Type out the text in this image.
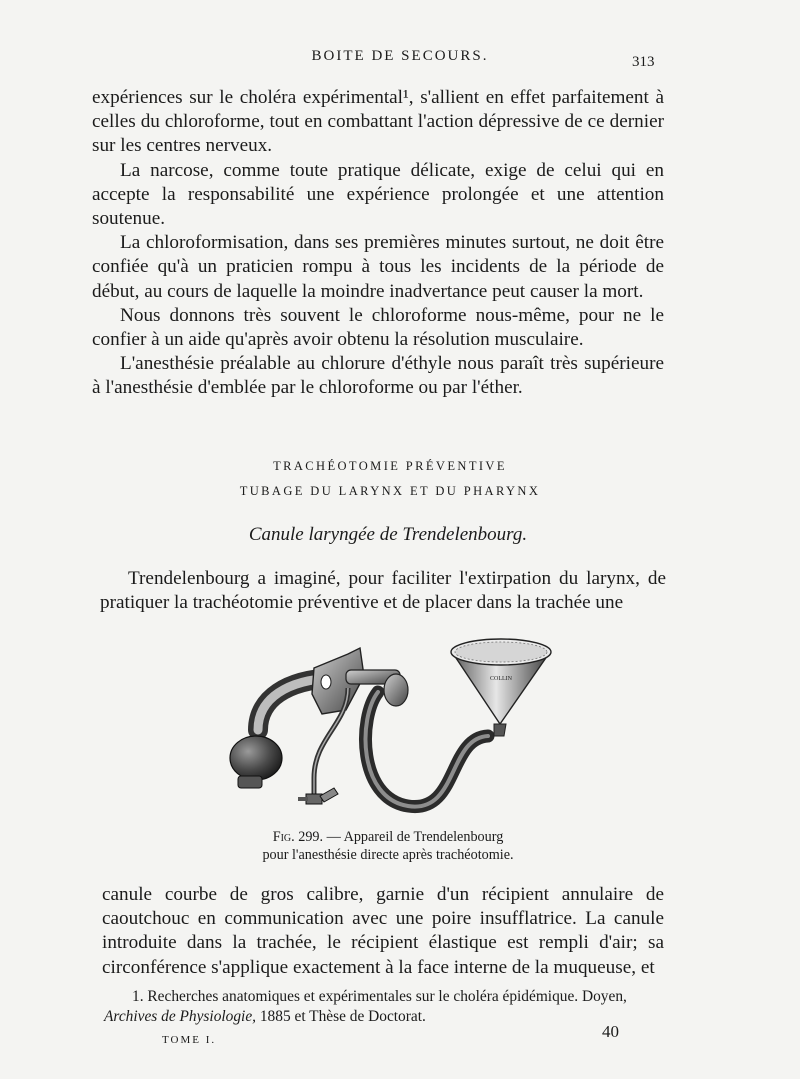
BOITE DE SECOURS.	313

expériences sur le choléra expérimental¹, s'allient en effet parfaitement à celles du chloroforme, tout en combattant l'action dépressive de ce dernier sur les centres nerveux.

La narcose, comme toute pratique délicate, exige de celui qui en accepte la responsabilité une expérience prolongée et une attention soutenue.

La chloroformisation, dans ses premières minutes surtout, ne doit être confiée qu'à un praticien rompu à tous les incidents de la période de début, au cours de laquelle la moindre inadvertance peut causer la mort.

Nous donnons très souvent le chloroforme nous-même, pour ne le confier à un aide qu'après avoir obtenu la résolution musculaire.

L'anesthésie préalable au chlorure d'éthyle nous paraît très supérieure à l'anesthésie d'emblée par le chloroforme ou par l'éther.

TRACHÉOTOMIE PRÉVENTIVE
TUBAGE DU LARYNX ET DU PHARYNX
Canule laryngée de Trendelenbourg.

Trendelenbourg a imaginé, pour faciliter l'extirpation du larynx, de pratiquer la trachéotomie préventive et de placer dans la trachée une

COLLIN
Fig. 299. — Appareil de Trendelenbourg
pour l'anesthésie directe après trachéotomie.

canule courbe de gros calibre, garnie d'un récipient annulaire de caoutchouc en communication avec une poire insufflatrice. La canule introduite dans la trachée, le récipient élastique est rempli d'air; sa circonférence s'applique exactement à la face interne de la muqueuse, et

1. Recherches anatomiques et expérimentales sur le choléra épidémique. Doyen,
Archives de Physiologie, 1885 et Thèse de Doctorat.

TOME I.	40
